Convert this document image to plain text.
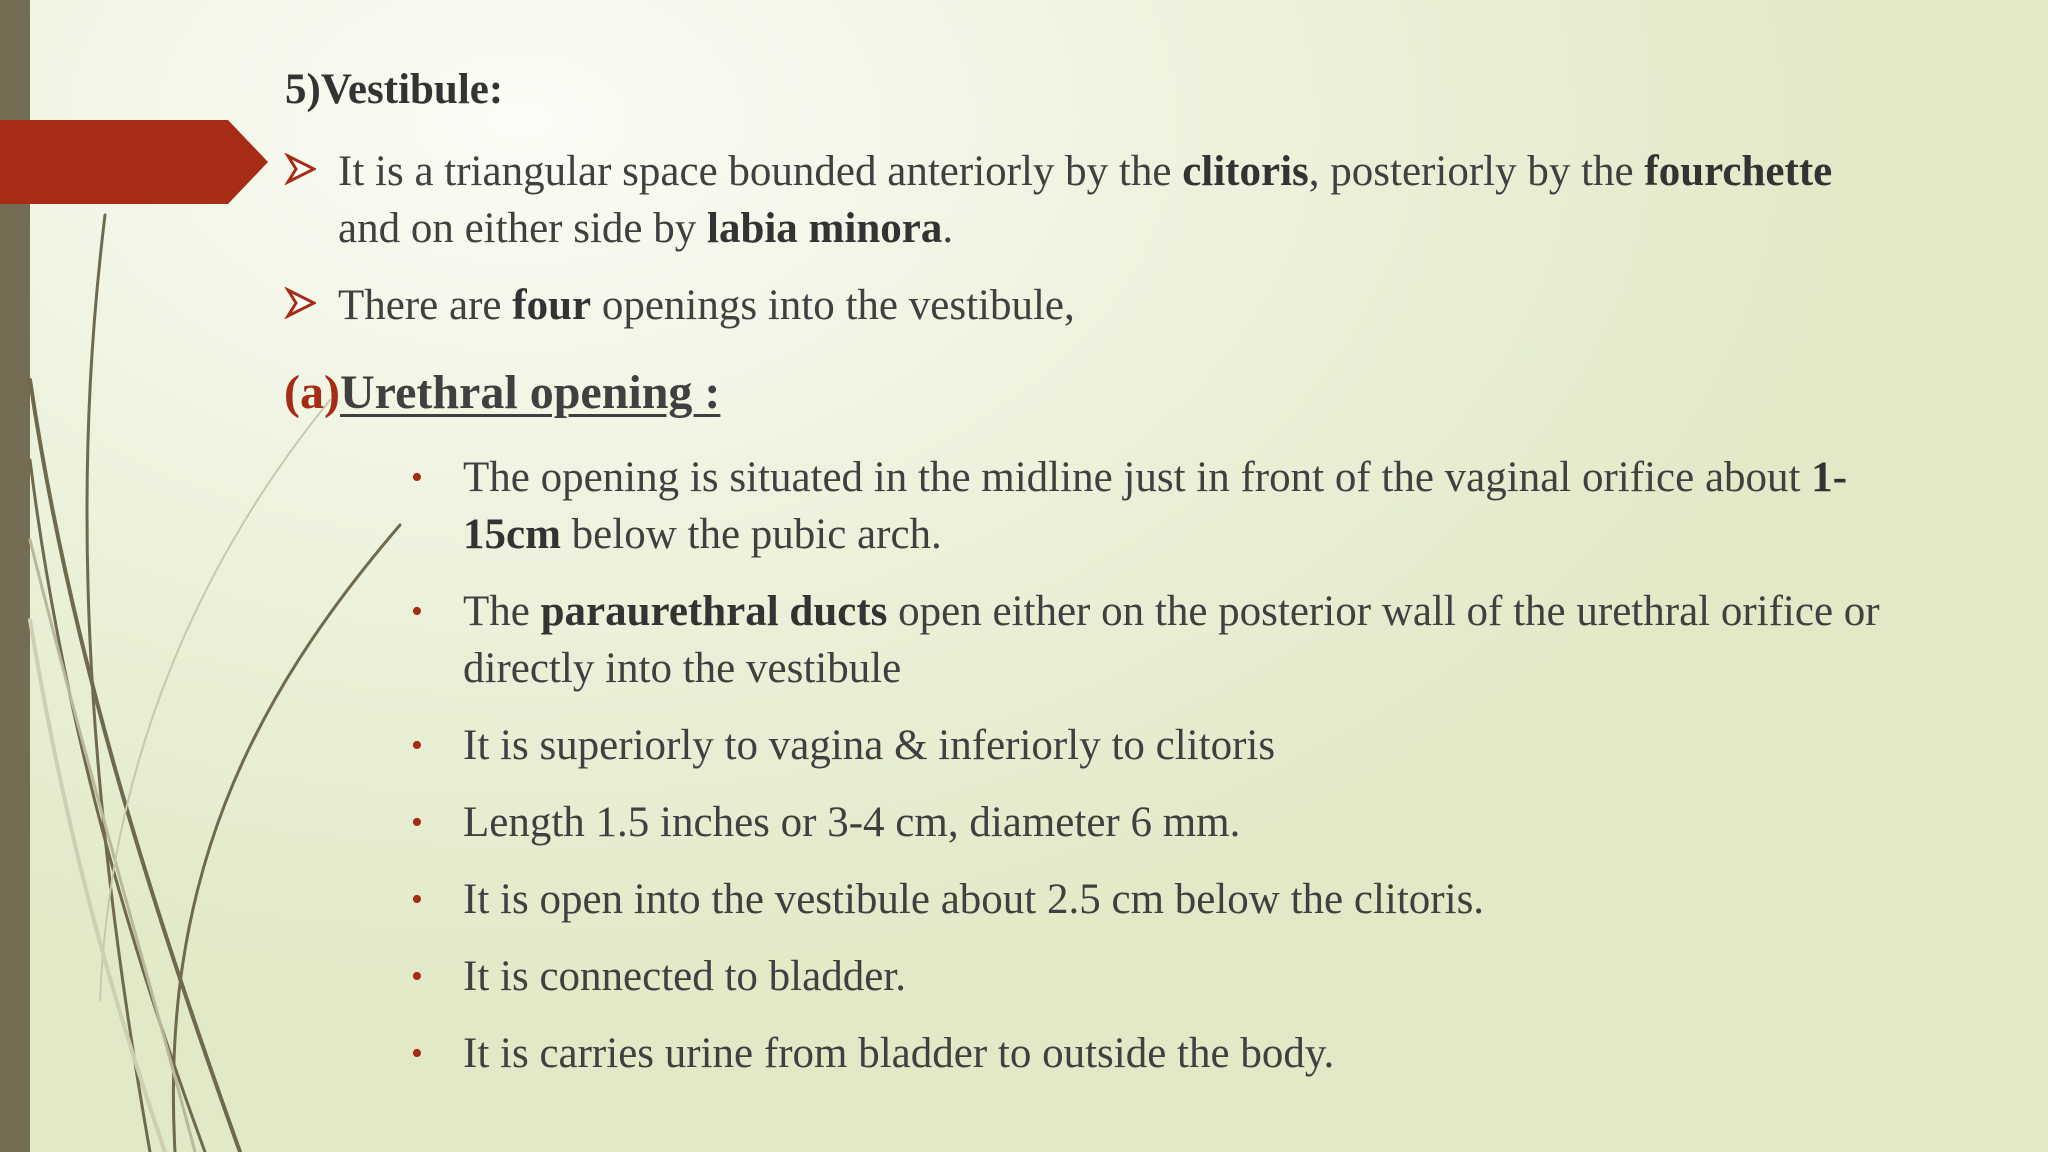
5)Vestibule:
It is a triangular space bounded anteriorly by the clitoris, posteriorly by the fourchette and on either side by labia minora.
There are four openings into the vestibule,
(a)Urethral opening :
• The opening is situated in the midline just in front of the vaginal orifice about 1-15cm below the pubic arch.
• The paraurethral ducts open either on the posterior wall of the urethral orifice or directly into the vestibule
• It is superiorly to vagina & inferiorly to clitoris
• Length 1.5 inches or 3-4 cm, diameter 6 mm.
• It is open into the vestibule about 2.5 cm below the clitoris.
• It is connected to bladder.
• It is carries urine from bladder to outside the body.
